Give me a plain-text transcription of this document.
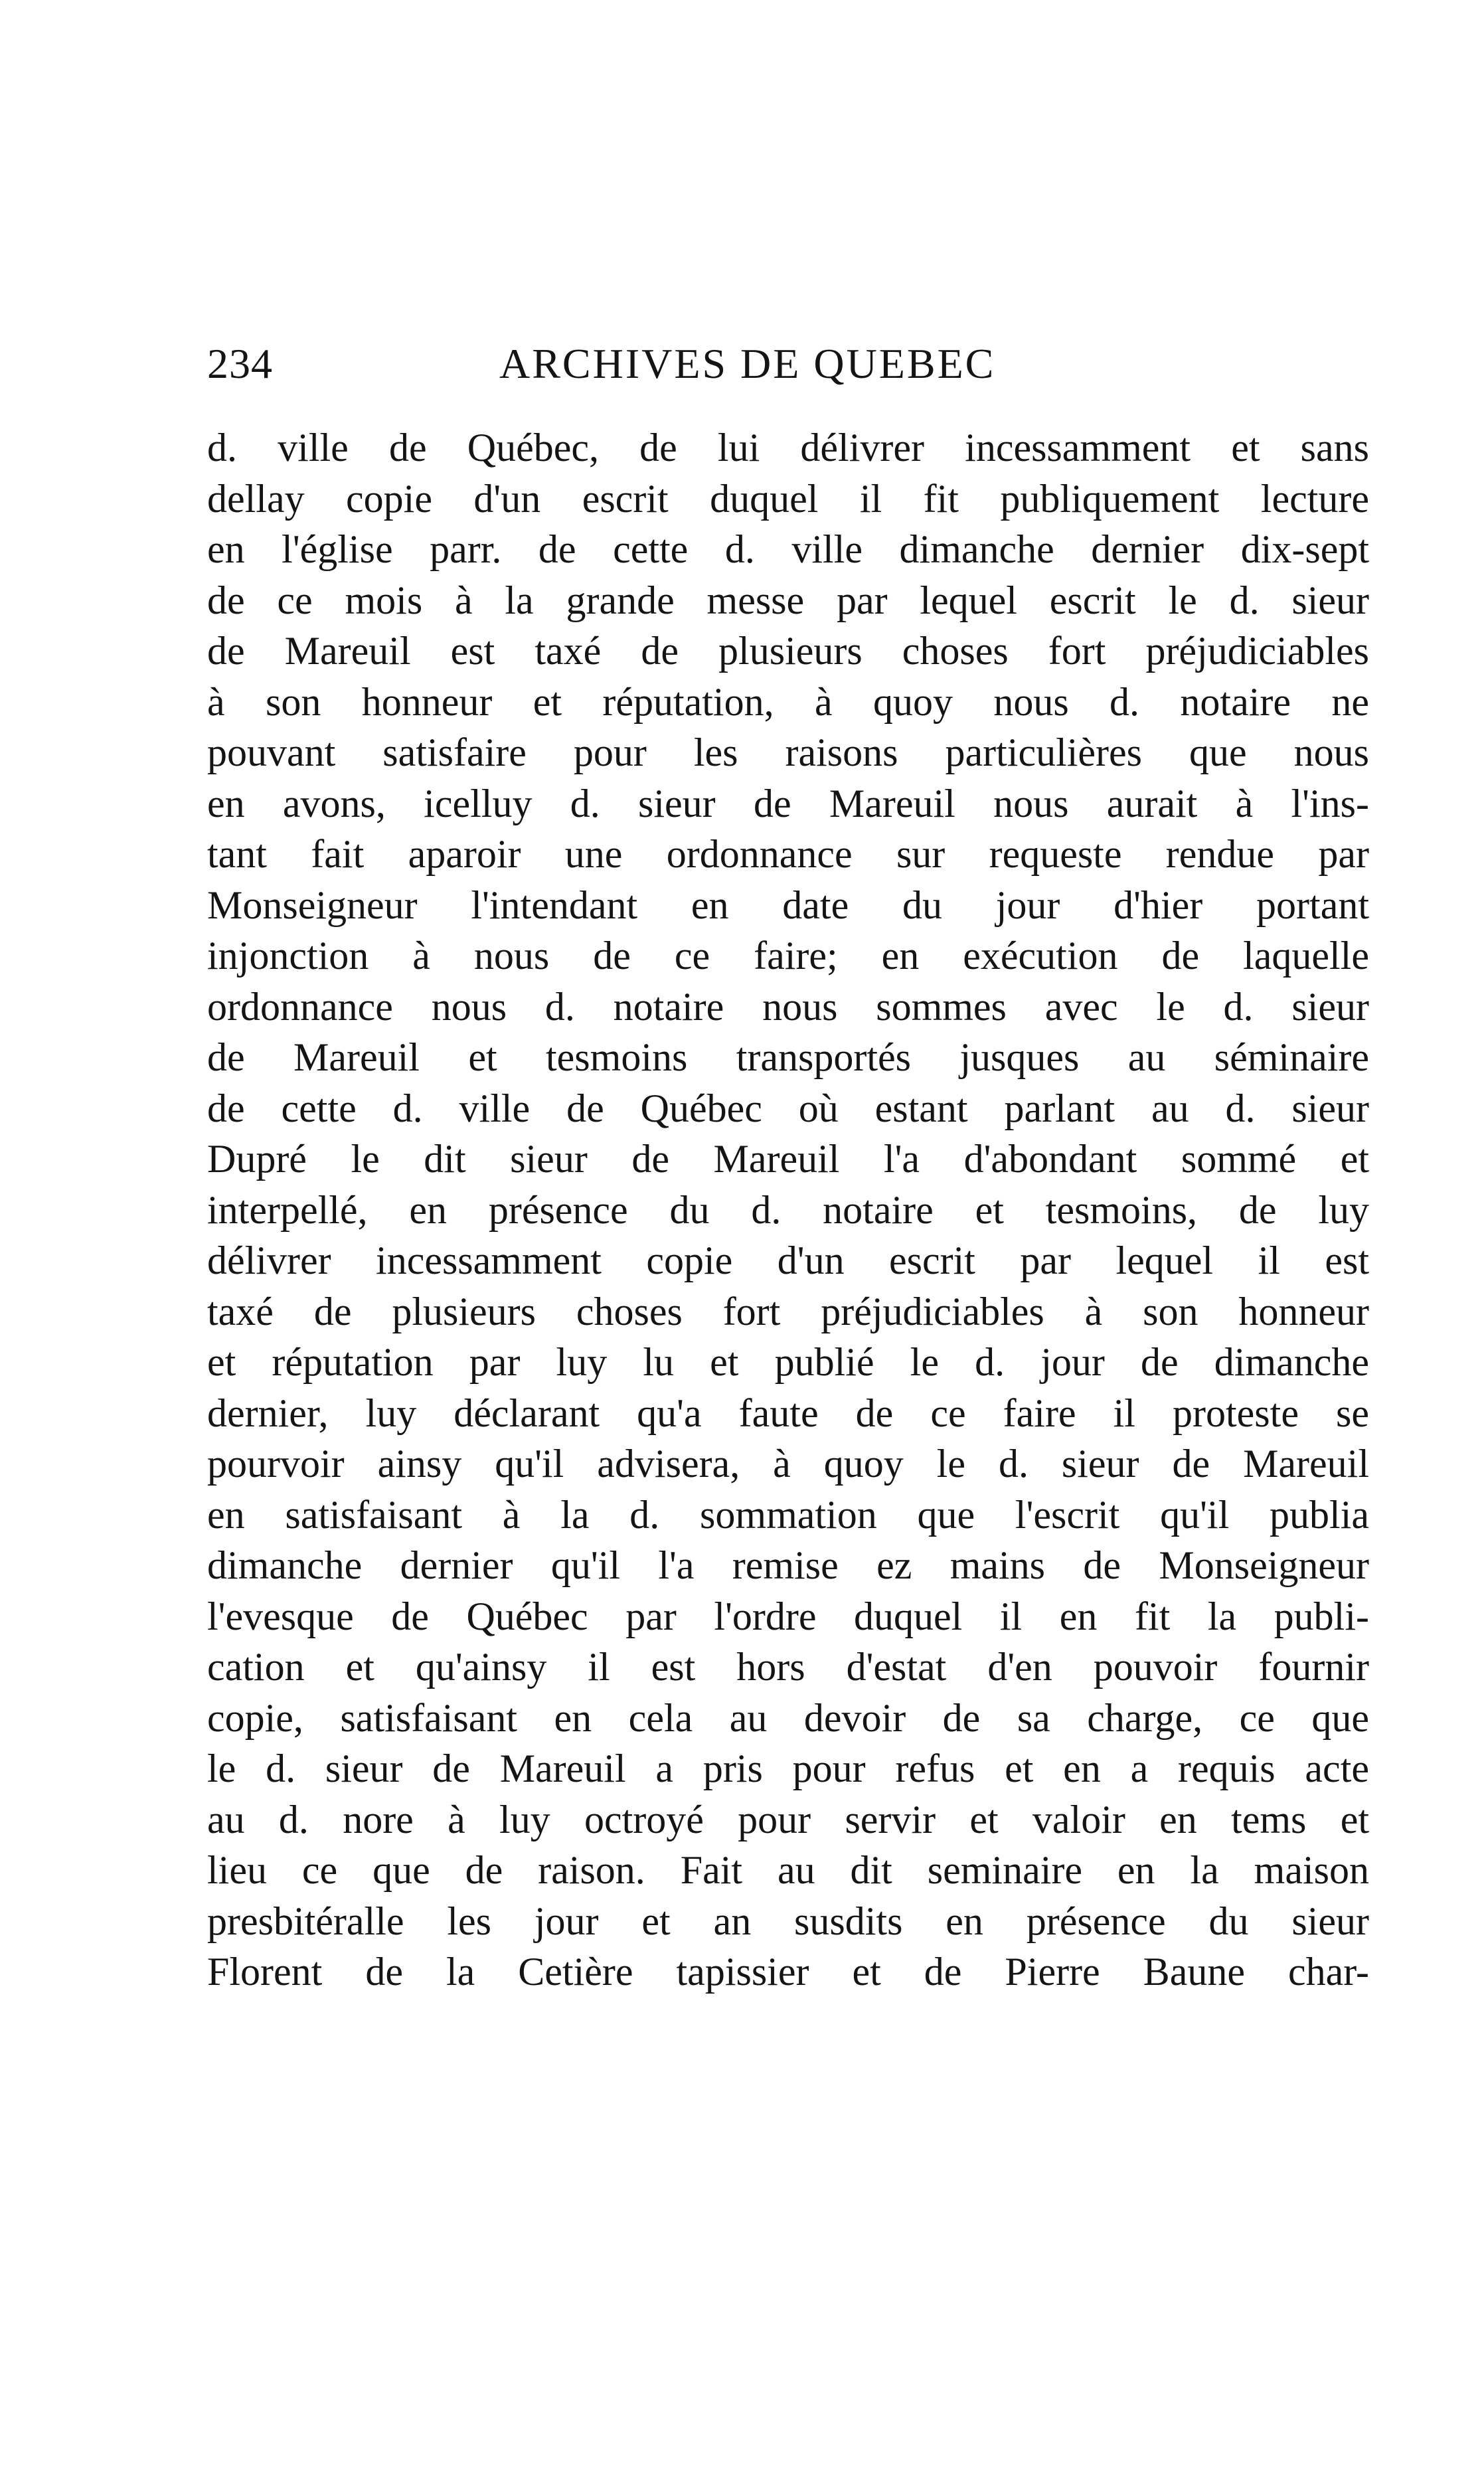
234	ARCHIVES DE QUEBEC
d. ville de Québec, de lui délivrer incessamment et sans
dellay copie d'un escrit duquel il fit publiquement lecture
en l'église parr. de cette d. ville dimanche dernier dix-sept
de ce mois à la grande messe par lequel escrit le d. sieur
de Mareuil est taxé de plusieurs choses fort préjudiciables
à son honneur et réputation, à quoy nous d. notaire ne
pouvant satisfaire pour les raisons particulières que nous
en avons, icelluy d. sieur de Mareuil nous aurait à l'ins-
tant fait aparoir une ordonnance sur requeste rendue par
Monseigneur l'intendant en date du jour d'hier portant
injonction à nous de ce faire; en exécution de laquelle
ordonnance nous d. notaire nous sommes avec le d. sieur
de Mareuil et tesmoins transportés jusques au séminaire
de cette d. ville de Québec où estant parlant au d. sieur
Dupré le dit sieur de Mareuil l'a d'abondant sommé et
interpellé, en présence du d. notaire et tesmoins, de luy
délivrer incessamment copie d'un escrit par lequel il est
taxé de plusieurs choses fort préjudiciables à son honneur
et réputation par luy lu et publié le d. jour de dimanche
dernier, luy déclarant qu'a faute de ce faire il proteste se
pourvoir ainsy qu'il advisera, à quoy le d. sieur de Mareuil
en satisfaisant à la d. sommation que l'escrit qu'il publia
dimanche dernier qu'il l'a remise ez mains de Monseigneur
l'evesque de Québec par l'ordre duquel il en fit la publi-
cation et qu'ainsy il est hors d'estat d'en pouvoir fournir
copie, satisfaisant en cela au devoir de sa charge, ce que
le d. sieur de Mareuil a pris pour refus et en a requis acte
au d. nore à luy octroyé pour servir et valoir en tems et
lieu ce que de raison. Fait au dit seminaire en la maison
presbitéralle les jour et an susdits en présence du sieur
Florent de la Cetière tapissier et de Pierre Baune char-
